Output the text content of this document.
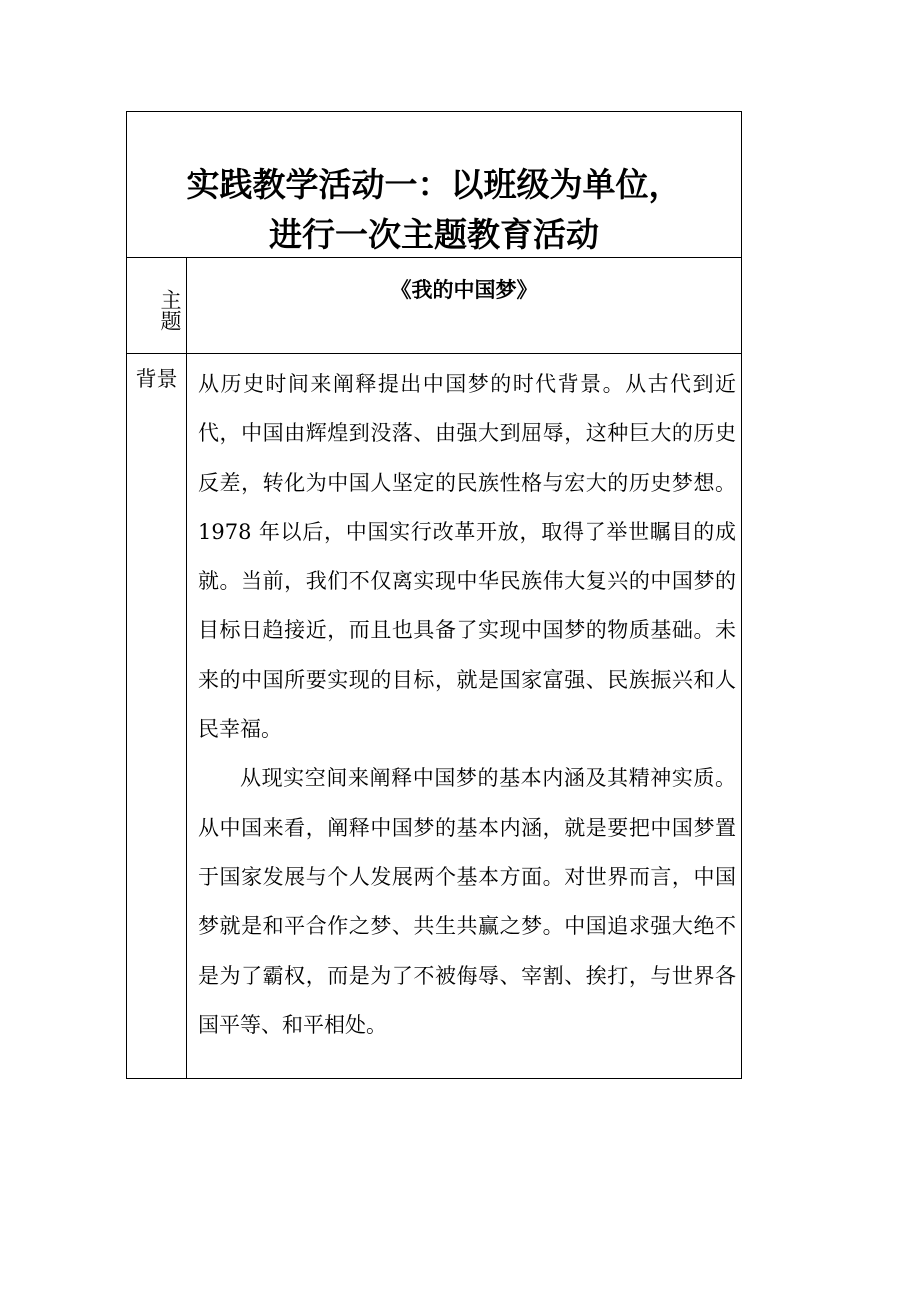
实践教学活动一：以班级为单位，
进行一次主题教育活动
主题	《我的中国梦》
背景 从历史时间来阐释提出中国梦的时代背景。从古代到近代，中国由辉煌到没落、由强大到屈辱，这种巨大的历史反差，转化为中国人坚定的民族性格与宏大的历史梦想。1978 年以后，中国实行改革开放，取得了举世瞩目的成就。当前，我们不仅离实现中华民族伟大复兴的中国梦的目标日趋接近，而且也具备了实现中国梦的物质基础。未来的中国所要实现的目标，就是国家富强、民族振兴和人民幸福。

从现实空间来阐释中国梦的基本内涵及其精神实质。从中国来看，阐释中国梦的基本内涵，就是要把中国梦置于国家发展与个人发展两个基本方面。对世界而言，中国梦就是和平合作之梦、共生共赢之梦。中国追求强大绝不是为了霸权，而是为了不被侮辱、宰割、挨打，与世界各国平等、和平相处。
